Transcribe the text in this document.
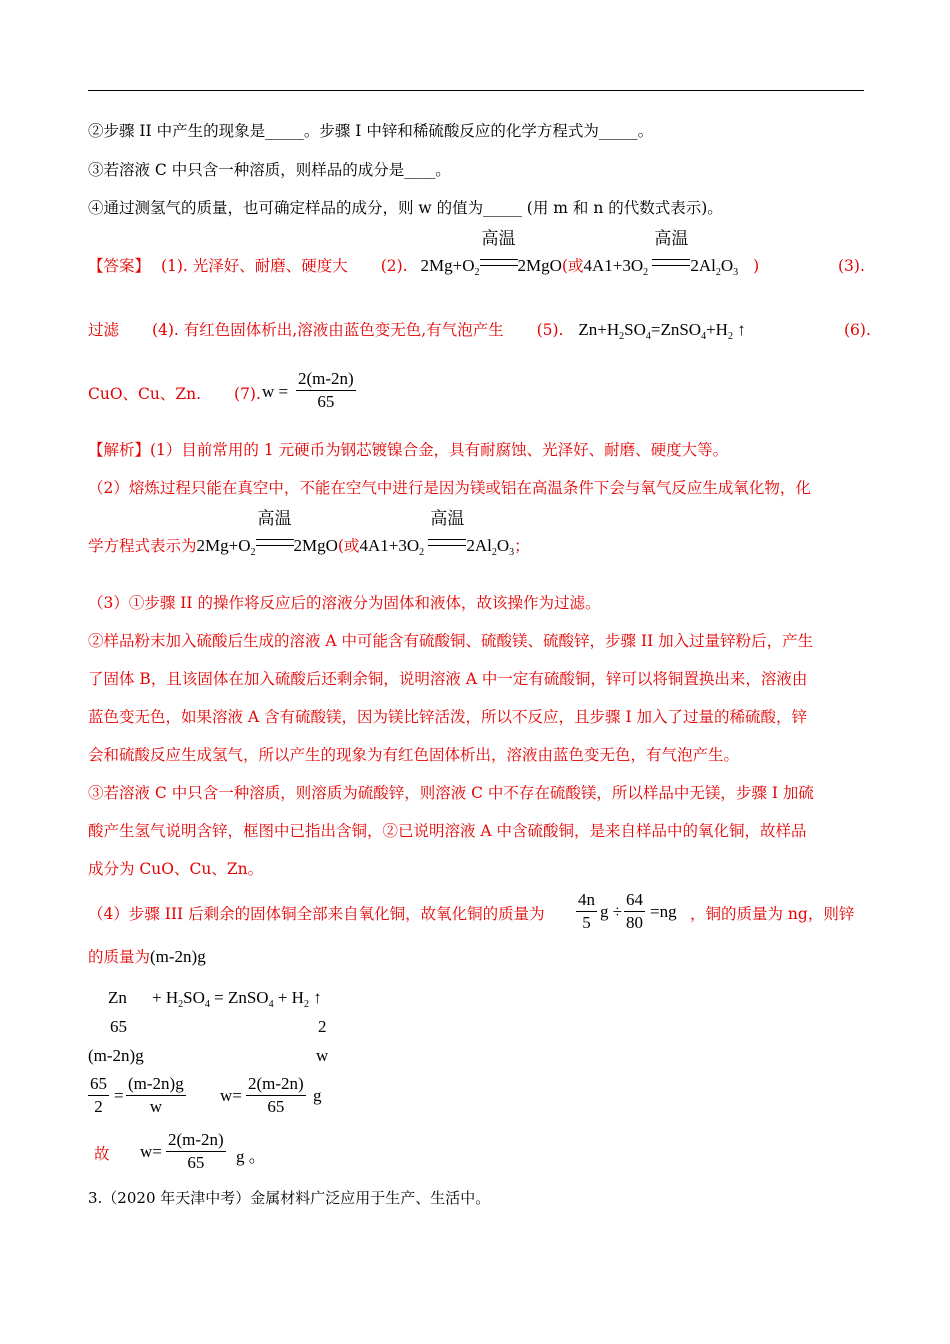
②步骤 II 中产生的现象是_____。步骤 I 中锌和稀硫酸反应的化学方程式为_____。
③若溶液 C 中只含一种溶质，则样品的成分是____。
④通过测氢气的质量，也可确定样品的成分，则 w 的值为_____ (用 m 和 n 的代数式表示)。
【答案】 (1). 光泽好、耐磨、硬度大 (2). $2Mg+O_2$
高温
2MgO(或$4A1+3O_2$
高温
$2Al_2O_3$ )	(3).
过滤 (4). 有红色固体析出,溶液由蓝色变无色,有气泡产生 (5). $Zn+H_2SO_4=ZnSO_4+H_2$ ↑	(6).
CuO、Cu、Zn. (7). $w = \frac{2(m-2n)}{65}$
【解析】(1）目前常用的 1 元硬币为钢芯镀镍合金，具有耐腐蚀、光泽好、耐磨、硬度大等。
（2）熔炼过程只能在真空中，不能在空气中进行是因为镁或铝在高温条件下会与氧气反应生成氧化物，化
学方程式表示为$2Mg+O_2$
高温
2MgO(或$4A1+3O_2$
高温
$2Al_2O_3$；
（3）①步骤 II 的操作将反应后的溶液分为固体和液体，故该操作为过滤。
②样品粉末加入硫酸后生成的溶液 A 中可能含有硫酸铜、硫酸镁、硫酸锌，步骤 II 加入过量锌粉后，产生
了固体 B，且该固体在加入硫酸后还剩余铜，说明溶液 A 中一定有硫酸铜，锌可以将铜置换出来，溶液由
蓝色变无色，如果溶液 A 含有硫酸镁，因为镁比锌活泼，所以不反应，且步骤 I 加入了过量的稀硫酸，锌
会和硫酸反应生成氢气，所以产生的现象为有红色固体析出，溶液由蓝色变无色，有气泡产生。
③若溶液 C 中只含一种溶质，则溶质为硫酸锌，则溶液 C 中不存在硫酸镁，所以样品中无镁，步骤 I 加硫
酸产生氢气说明含锌，框图中已指出含铜，②已说明溶液 A 中含硫酸铜，是来自样品中的氧化铜，故样品
成分为 CuO、Cu、Zn。
（4）步骤 III 后剩余的固体铜全部来自氧化铜，故氧化铜的质量为 $\frac{4n}{5}$ $g \div \frac{64}{80} =ng$ ，铜的质量为 ng，则锌
的质量为(m-2n)g
$Zn + H_2SO_4$ = ZnSO$_4$ + $H_2$ ↑
65	2
(m-2n)g	w
$\frac{65}{2} = \frac{(m-2n)g}{w} w= \frac{2(m-2n)}{65}$ g
故 $w= \frac{2(m-2n)}{65}$ g 。
3.（2020 年天津中考）金属材料广泛应用于生产、生活中。
